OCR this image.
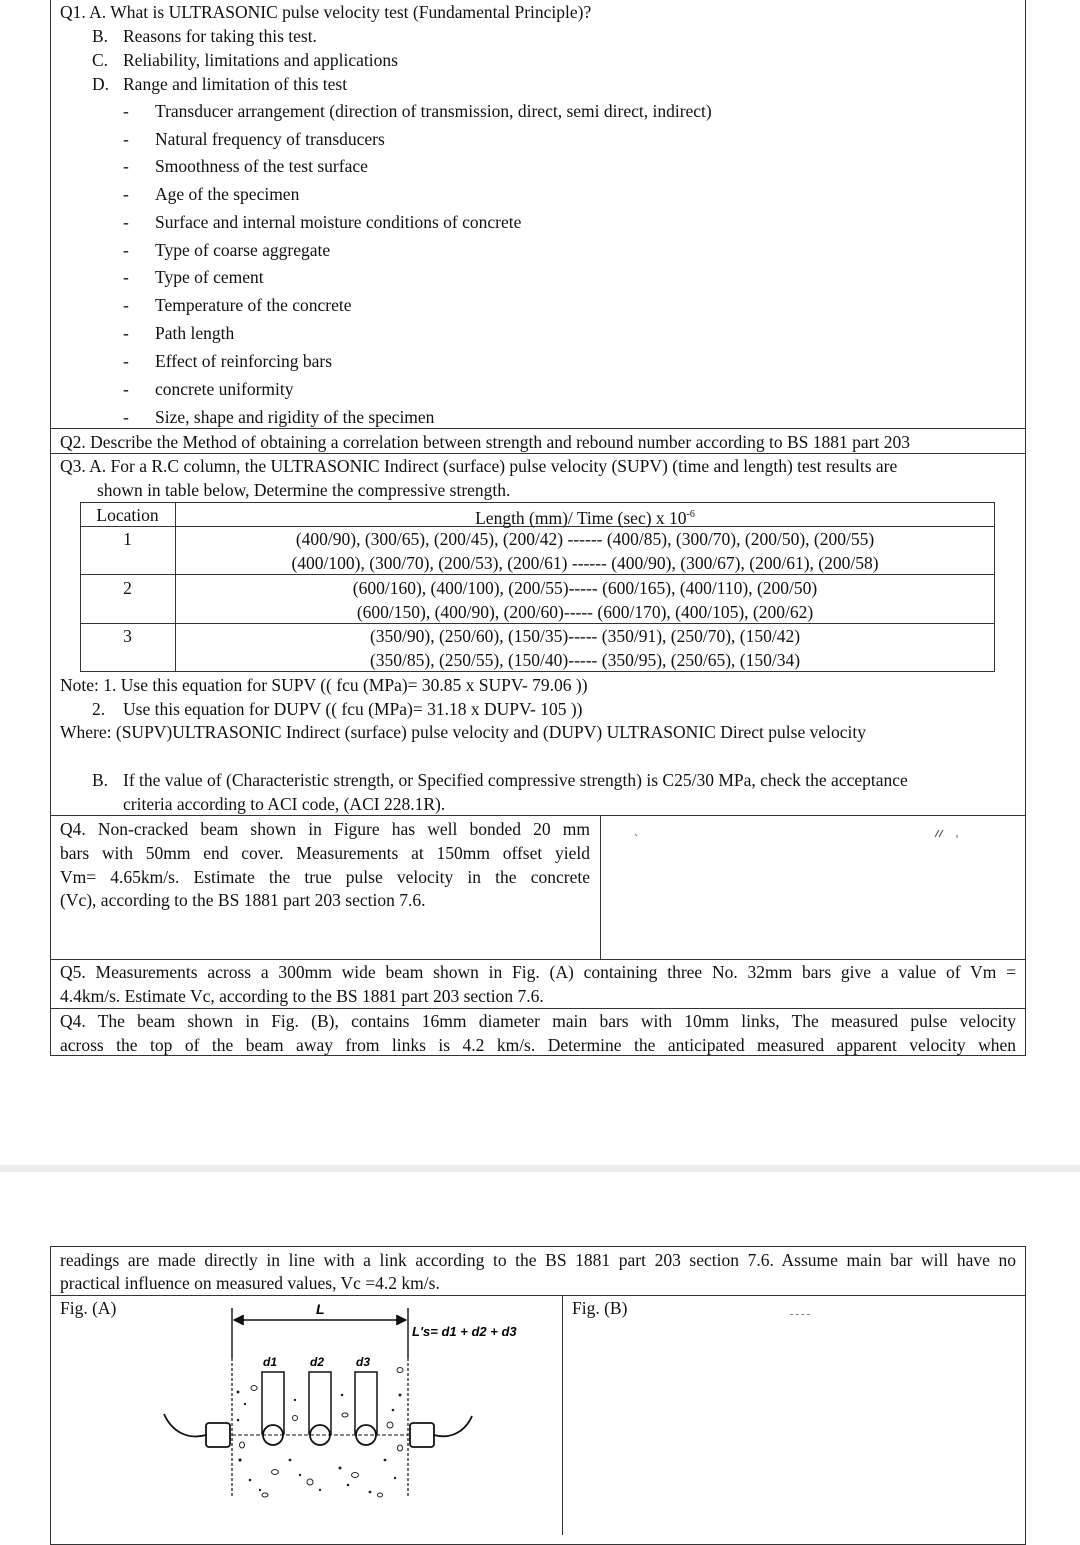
Q1. A. What is ULTRASONIC pulse velocity test (Fundamental Principle)?
B. Reasons for taking this test.
C. Reliability, limitations and applications
D. Range and limitation of this test
- Transducer arrangement (direction of transmission, direct, semi direct, indirect)
- Natural frequency of transducers
- Smoothness of the test surface
- Age of the specimen
- Surface and internal moisture conditions of concrete
- Type of coarse aggregate
- Type of cement
- Temperature of the concrete
- Path length
- Effect of reinforcing bars
- concrete uniformity
- Size, shape and rigidity of the specimen
Q2. Describe the Method of obtaining a correlation between strength and rebound number according to BS 1881 part 203
Q3. A. For a R.C column, the ULTRASONIC Indirect (surface) pulse velocity (SUPV) (time and length) test results are
shown in table below, Determine the compressive strength.
Location	Length (mm)/ Time (sec) x $10^{-6}$
1	(400/90), (300/65), (200/45), (200/42) ------ (400/85), (300/70), (200/50), (200/55)
(400/100), (300/70), (200/53), (200/61) ------ (400/90), (300/67), (200/61), (200/58)
2	(600/160), (400/100), (200/55)----- (600/165), (400/110), (200/50)
(600/150), (400/90), (200/60)----- (600/170), (400/105), (200/62)
3	(350/90), (250/60), (150/35)----- (350/91), (250/70), (150/42)
(350/85), (250/55), (150/40)----- (350/95), (250/65), (150/34)
Note: 1. Use this equation for SUPV (( fcu (MPa)= 30.85 x SUPV- 79.06 ))
2. Use this equation for DUPV (( fcu (MPa)= 31.18 x DUPV- 105 ))
Where: (SUPV)ULTRASONIC Indirect (surface) pulse velocity and (DUPV) ULTRASONIC Direct pulse velocity
B. If the value of (Characteristic strength, or Specified compressive strength) is C25/30 MPa, check the acceptance
criteria according to ACI code, (ACI 228.1R).
Q4. Non-cracked beam shown in Figure has well bonded 20 mm
bars with 50mm end cover. Measurements at 150mm offset yield
Vm= 4.65km/s. Estimate the true pulse velocity in the concrete
(Vc), according to the BS 1881 part 203 section 7.6.
Q5. Measurements across a 300mm wide beam shown in Fig. (A) containing three No. 32mm bars give a value of Vm =
4.4km/s. Estimate Vc, according to the BS 1881 part 203 section 7.6.
Q4. The beam shown in Fig. (B), contains 16mm diameter main bars with 10mm links, The measured pulse velocity
across the top of the beam away from links is 4.2 km/s. Determine the anticipated measured apparent velocity when
readings are made directly in line with a link according to the BS 1881 part 203 section 7.6. Assume main bar will have no
practical influence on measured values, Vc =4.2 km/s.
Fig. (A)	Fig. (B)
L
L's= d1 + d2 + d3
d1	d2	d3
